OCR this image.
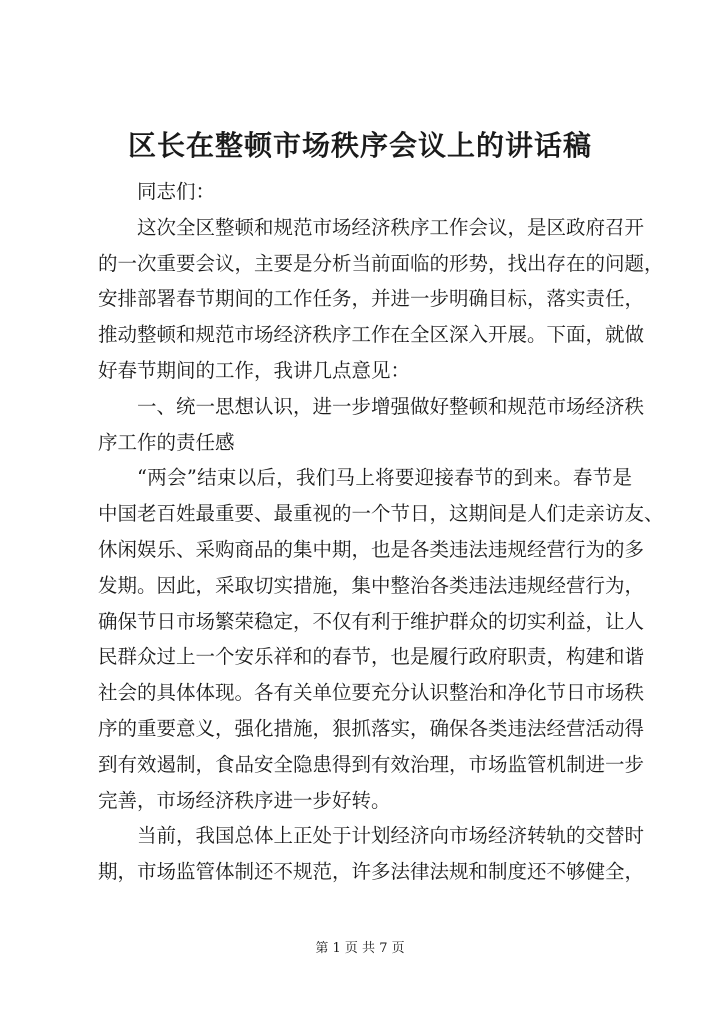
区长在整顿市场秩序会议上的讲话稿
同志们：
这次全区整顿和规范市场经济秩序工作会议，是区政府召开
的一次重要会议，主要是分析当前面临的形势，找出存在的问题，
安排部署春节期间的工作任务，并进一步明确目标，落实责任，
推动整顿和规范市场经济秩序工作在全区深入开展。下面，就做
好春节期间的工作，我讲几点意见：
一、统一思想认识，进一步增强做好整顿和规范市场经济秩
序工作的责任感
“两会”结束以后，我们马上将要迎接春节的到来。春节是
中国老百姓最重要、最重视的一个节日，这期间是人们走亲访友、
休闲娱乐、采购商品的集中期，也是各类违法违规经营行为的多
发期。因此，采取切实措施，集中整治各类违法违规经营行为，
确保节日市场繁荣稳定，不仅有利于维护群众的切实利益，让人
民群众过上一个安乐祥和的春节，也是履行政府职责，构建和谐
社会的具体体现。各有关单位要充分认识整治和净化节日市场秩
序的重要意义，强化措施，狠抓落实，确保各类违法经营活动得
到有效遏制，食品安全隐患得到有效治理，市场监管机制进一步
完善，市场经济秩序进一步好转。
当前，我国总体上正处于计划经济向市场经济转轨的交替时
期，市场监管体制还不规范，许多法律法规和制度还不够健全，
第 1 页 共 7 页
